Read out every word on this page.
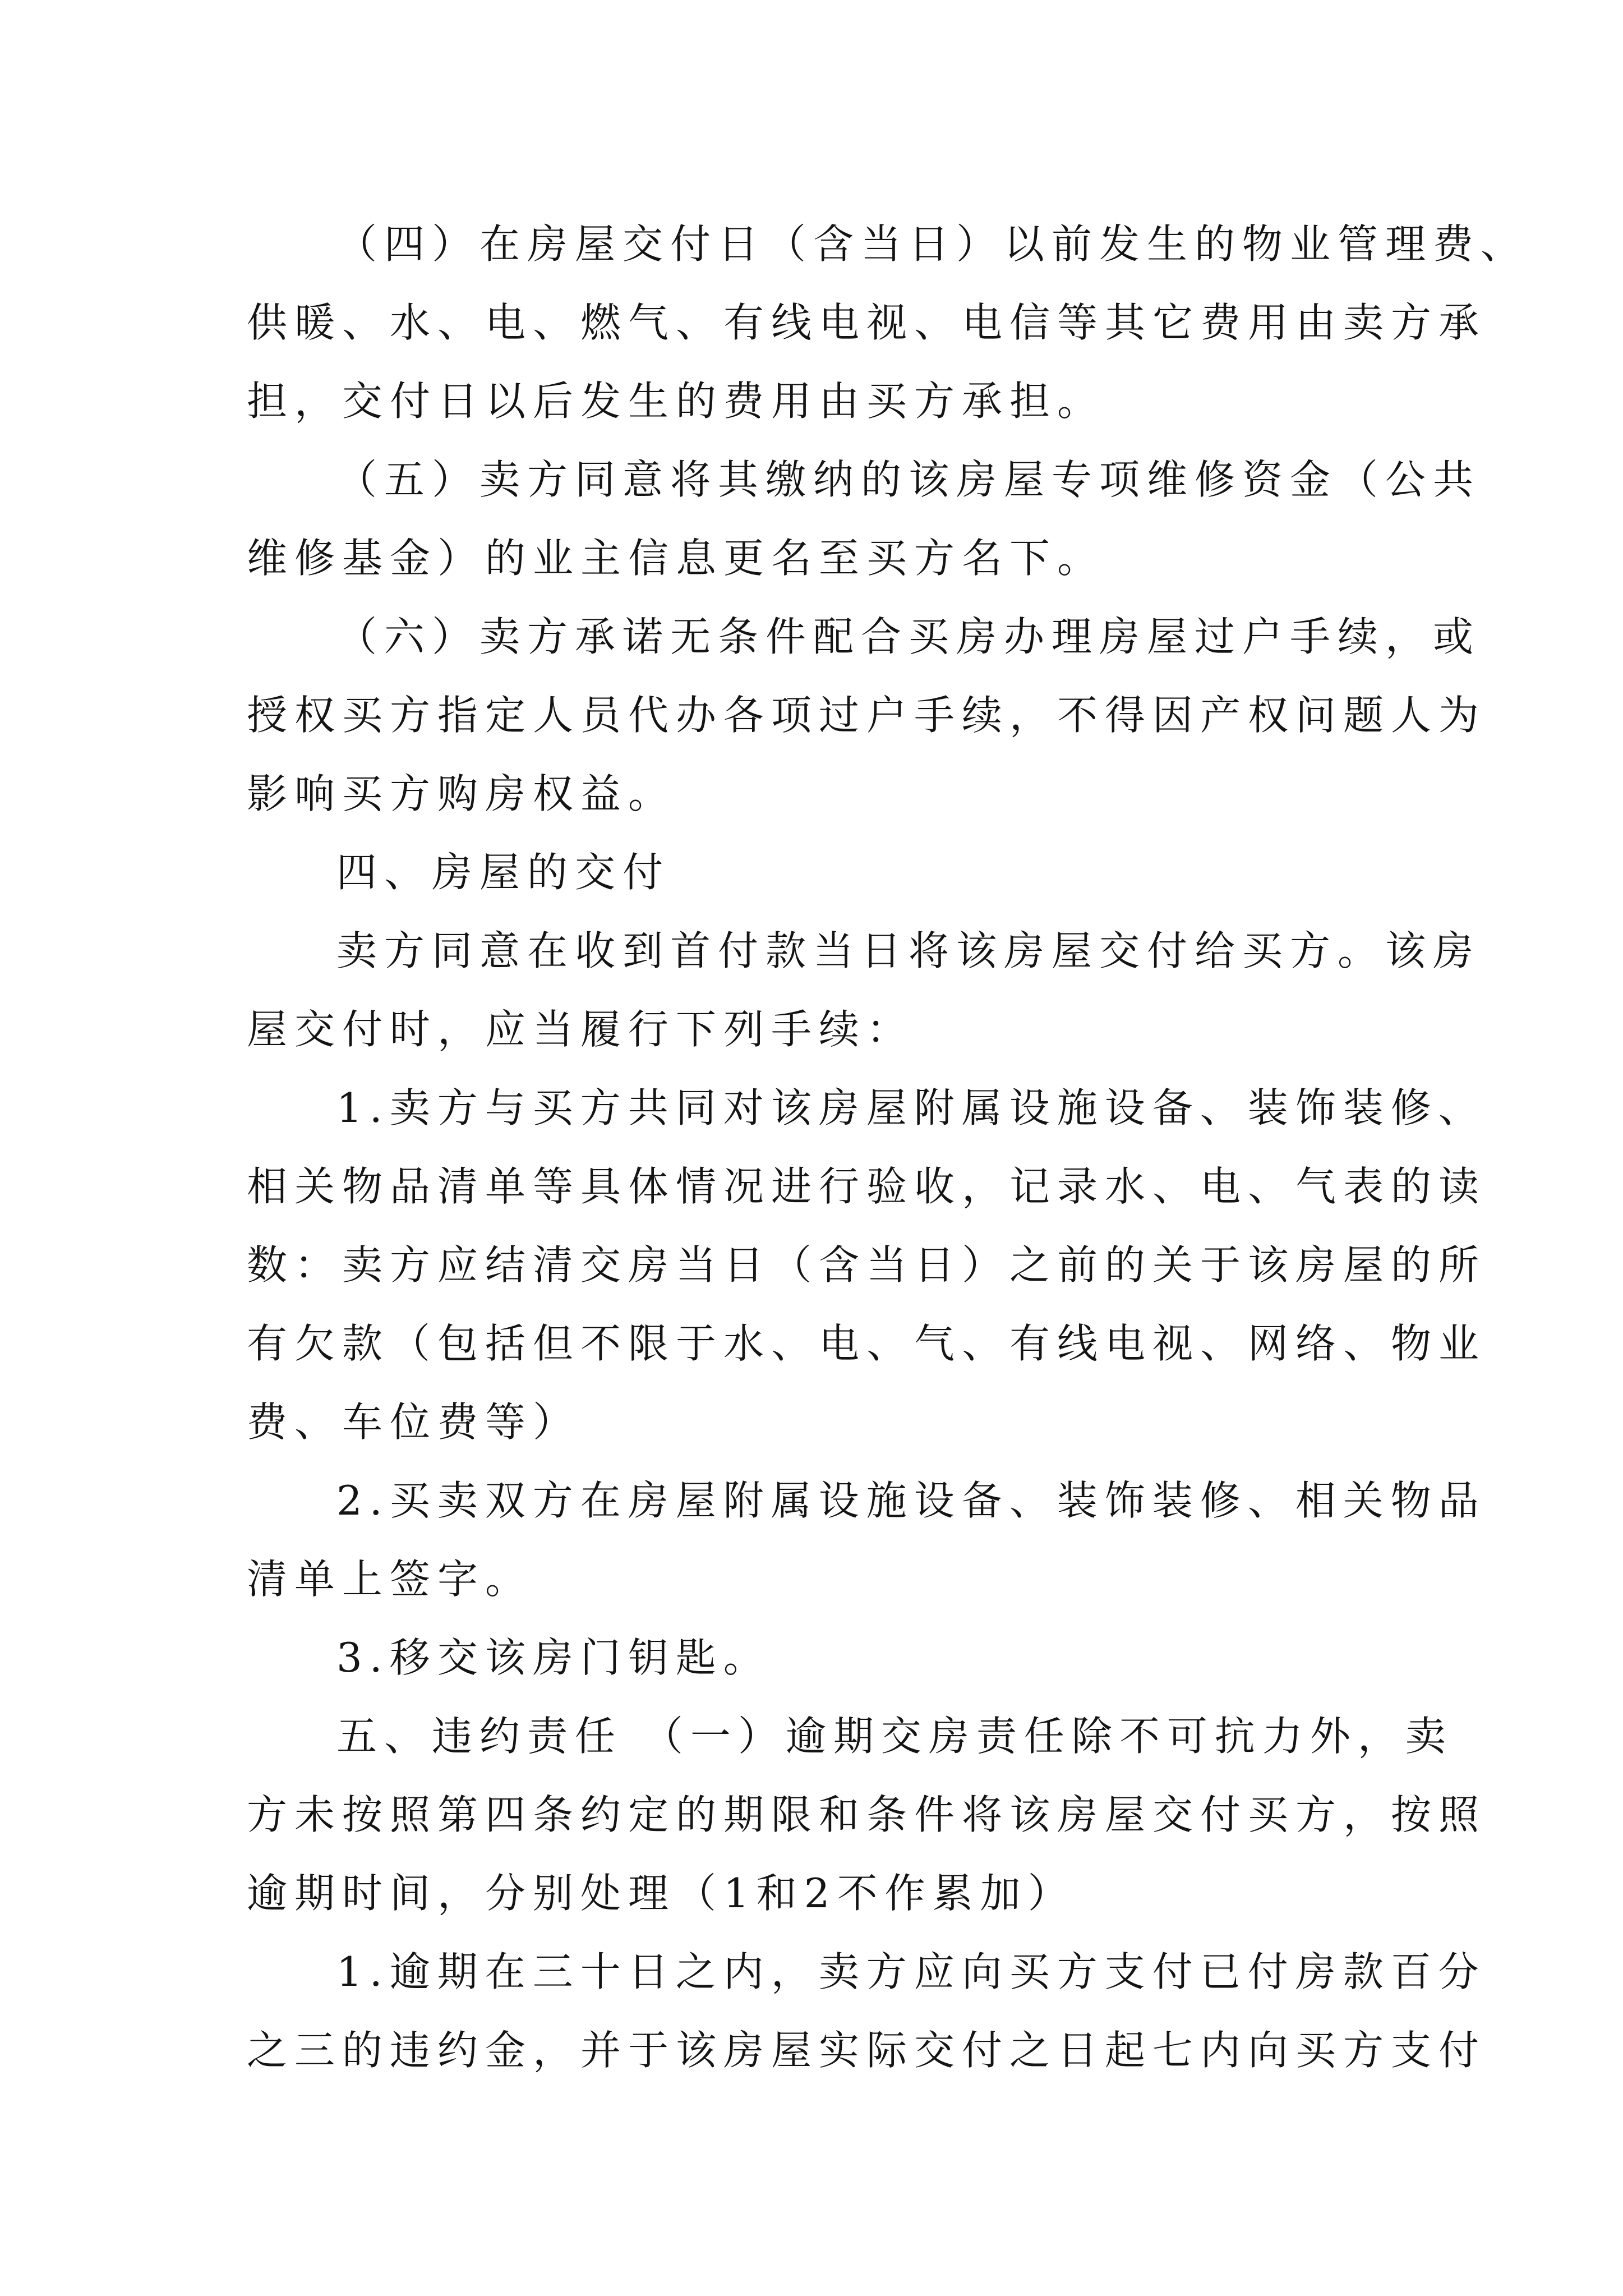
（四）在房屋交付日（含当日）以前发生的物业管理费、
供暖、水、电、燃气、有线电视、电信等其它费用由卖方承
担，交付日以后发生的费用由买方承担。
（五）卖方同意将其缴纳的该房屋专项维修资金（公共
维修基金）的业主信息更名至买方名下。
（六）卖方承诺无条件配合买房办理房屋过户手续，或
授权买方指定人员代办各项过户手续，不得因产权问题人为
影响买方购房权益。
四、房屋的交付
卖方同意在收到首付款当日将该房屋交付给买方。该房
屋交付时，应当履行下列手续：
1.卖方与买方共同对该房屋附属设施设备、装饰装修、
相关物品清单等具体情况进行验收，记录水、电、气表的读
数：卖方应结清交房当日（含当日）之前的关于该房屋的所
有欠款（包括但不限于水、电、气、有线电视、网络、物业
费、车位费等）
2.买卖双方在房屋附属设施设备、装饰装修、相关物品
清单上签字。
3.移交该房门钥匙。
五、违约责任 （一）逾期交房责任除不可抗力外，卖
方未按照第四条约定的期限和条件将该房屋交付买方，按照
逾期时间，分别处理（1和2不作累加）
1.逾期在三十日之内，卖方应向买方支付已付房款百分
之三的违约金，并于该房屋实际交付之日起七内向买方支付
